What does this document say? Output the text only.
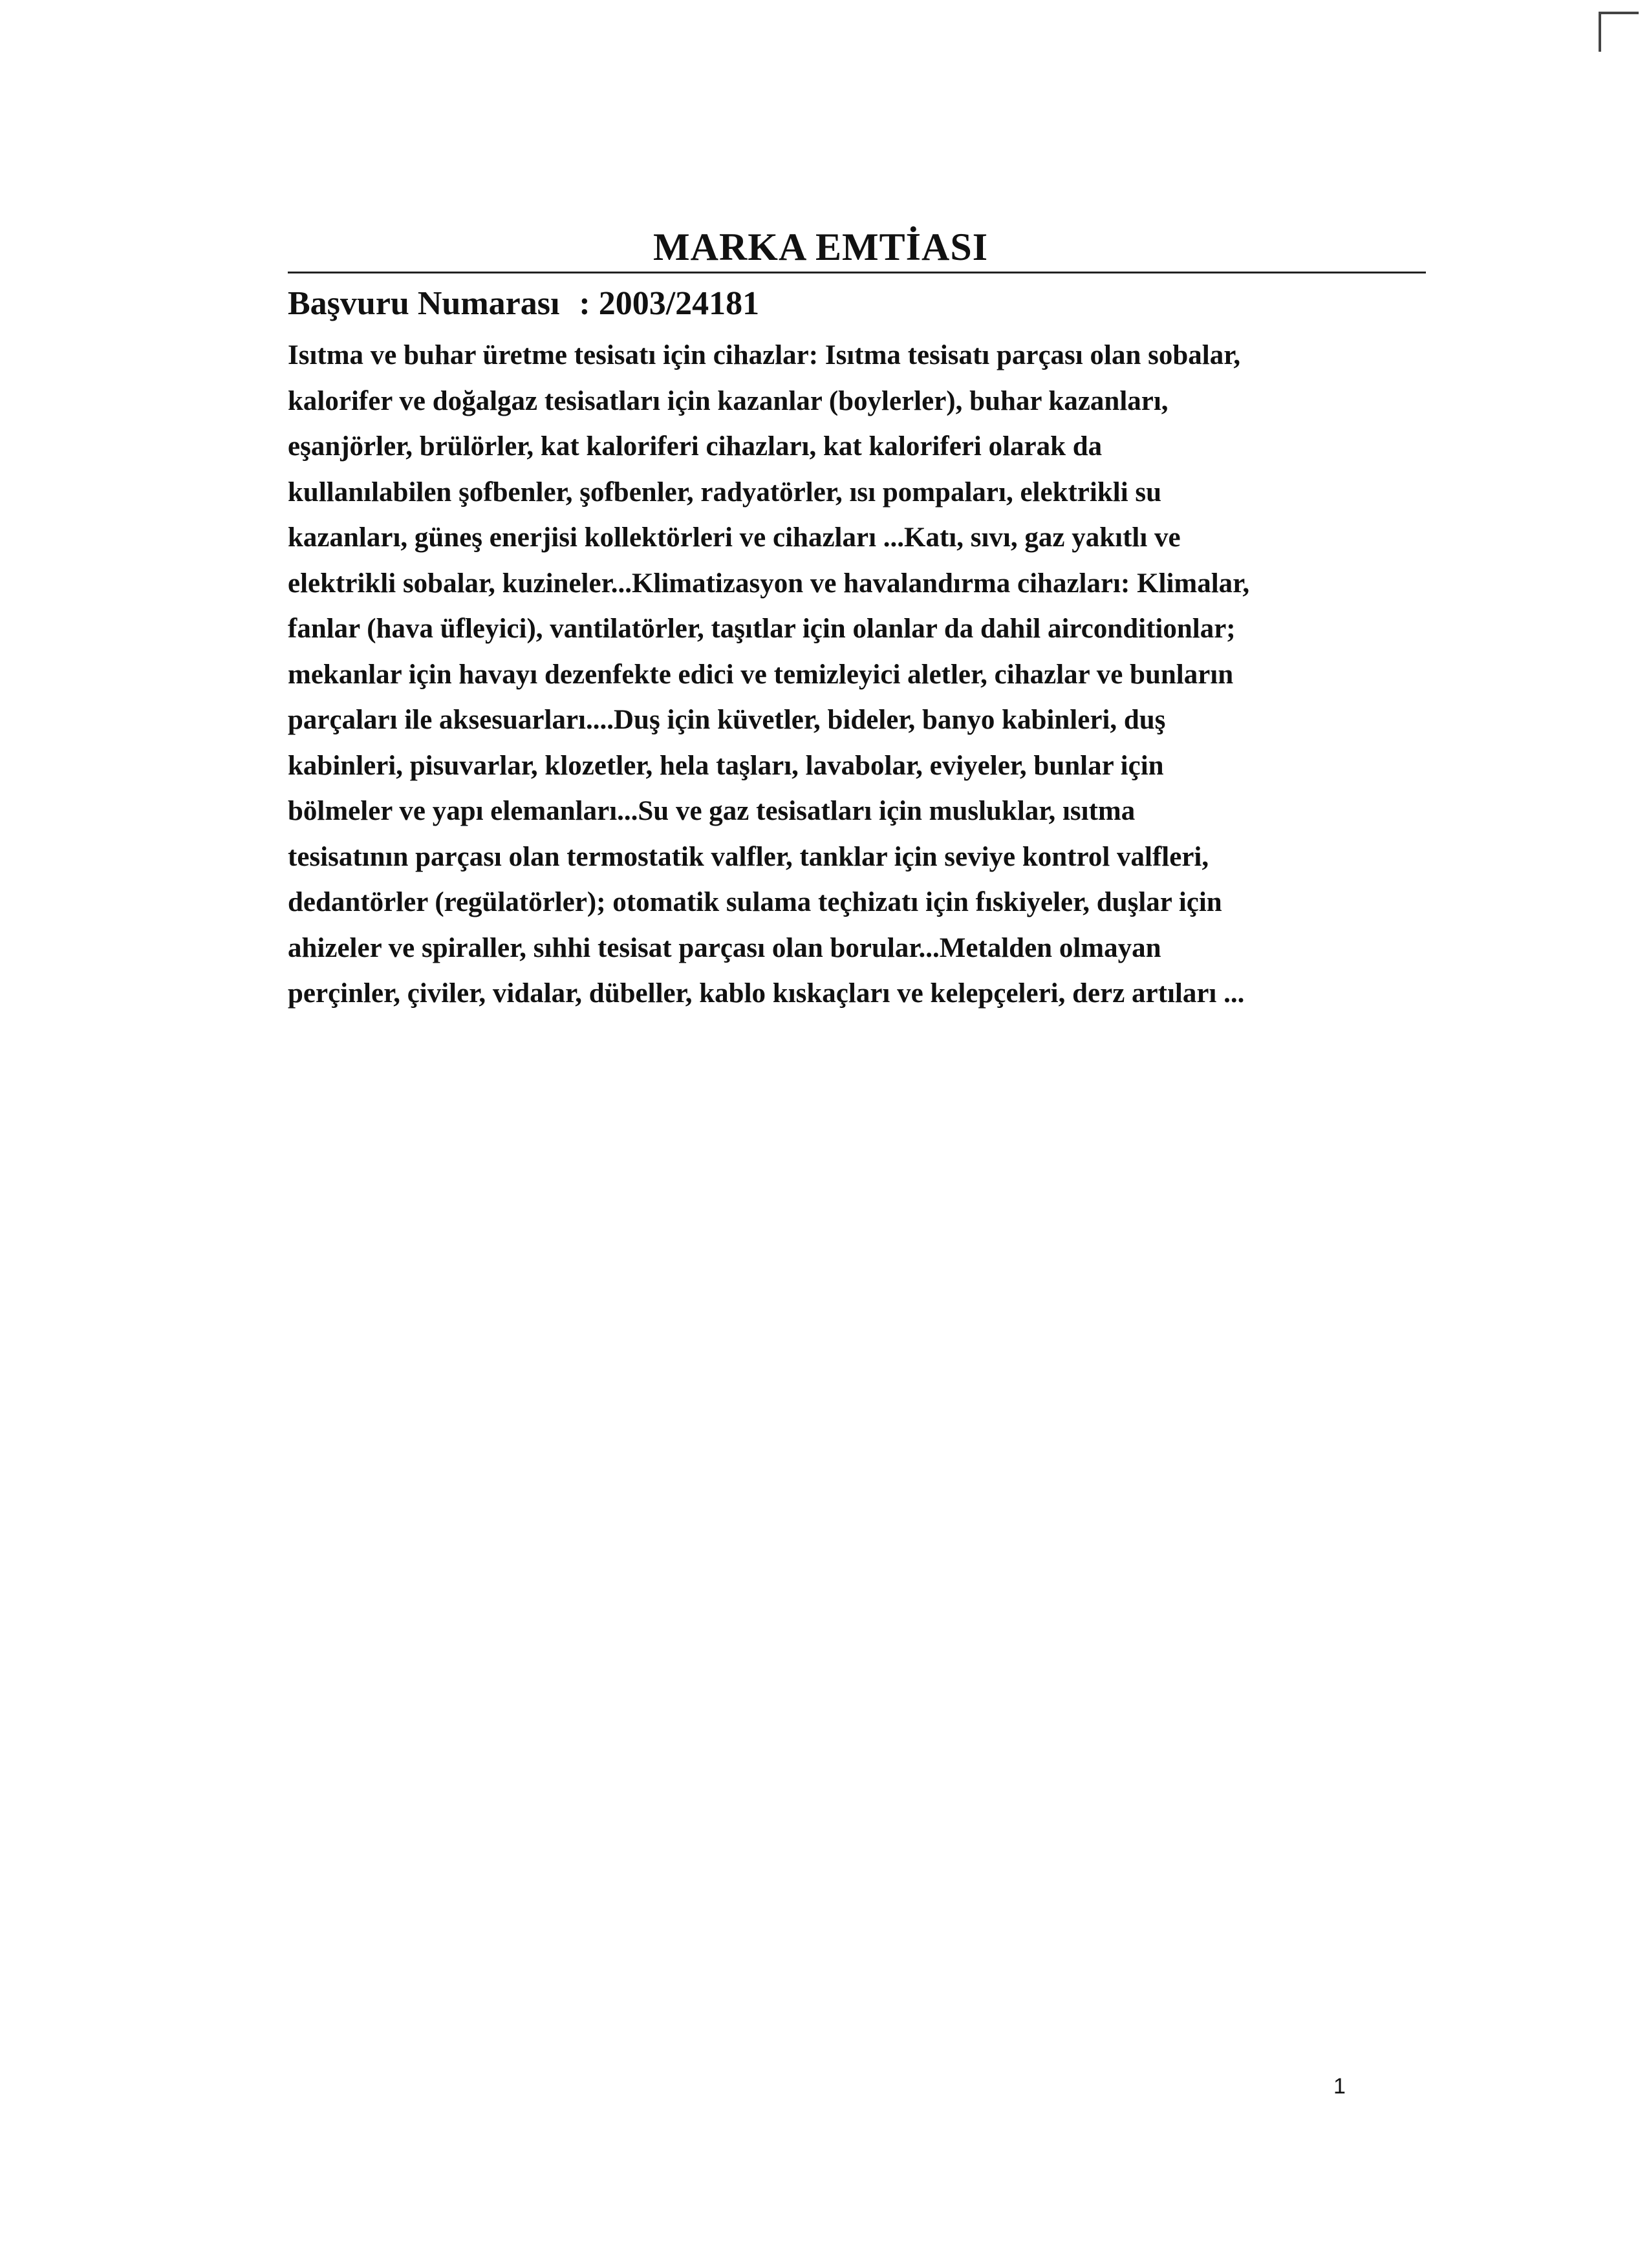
MARKA EMTİASI

Başvuru Numarası : 2003/24181

Isıtma ve buhar üretme tesisatı için cihazlar: Isıtma tesisatı parçası olan sobalar,
kalorifer ve doğalgaz tesisatları için kazanlar (boylerler), buhar kazanları,
eşanjörler, brülörler, kat kaloriferi cihazları, kat kaloriferi olarak da
kullanılabilen şofbenler, şofbenler, radyatörler, ısı pompaları, elektrikli su
kazanları, güneş enerjisi kollektörleri ve cihazları ...Katı, sıvı, gaz yakıtlı ve
elektrikli sobalar, kuzineler...Klimatizasyon ve havalandırma cihazları: Klimalar,
fanlar (hava üfleyici), vantilatörler, taşıtlar için olanlar da dahil airconditionlar;
mekanlar için havayı dezenfekte edici ve temizleyici aletler, cihazlar ve bunların
parçaları ile aksesuarları....Duş için küvetler, bideler, banyo kabinleri, duş
kabinleri, pisuvarlar, klozetler, hela taşları, lavabolar, eviyeler, bunlar için
bölmeler ve yapı elemanları...Su ve gaz tesisatları için musluklar, ısıtma
tesisatının parçası olan termostatik valfler, tanklar için seviye kontrol valfleri,
dedantörler (regülatörler); otomatik sulama teçhizatı için fıskiyeler, duşlar için
ahizeler ve spiraller, sıhhi tesisat parçası olan borular...Metalden olmayan
perçinler, çiviler, vidalar, dübeller, kablo kıskaçları ve kelepçeleri, derz artıları ...
1
